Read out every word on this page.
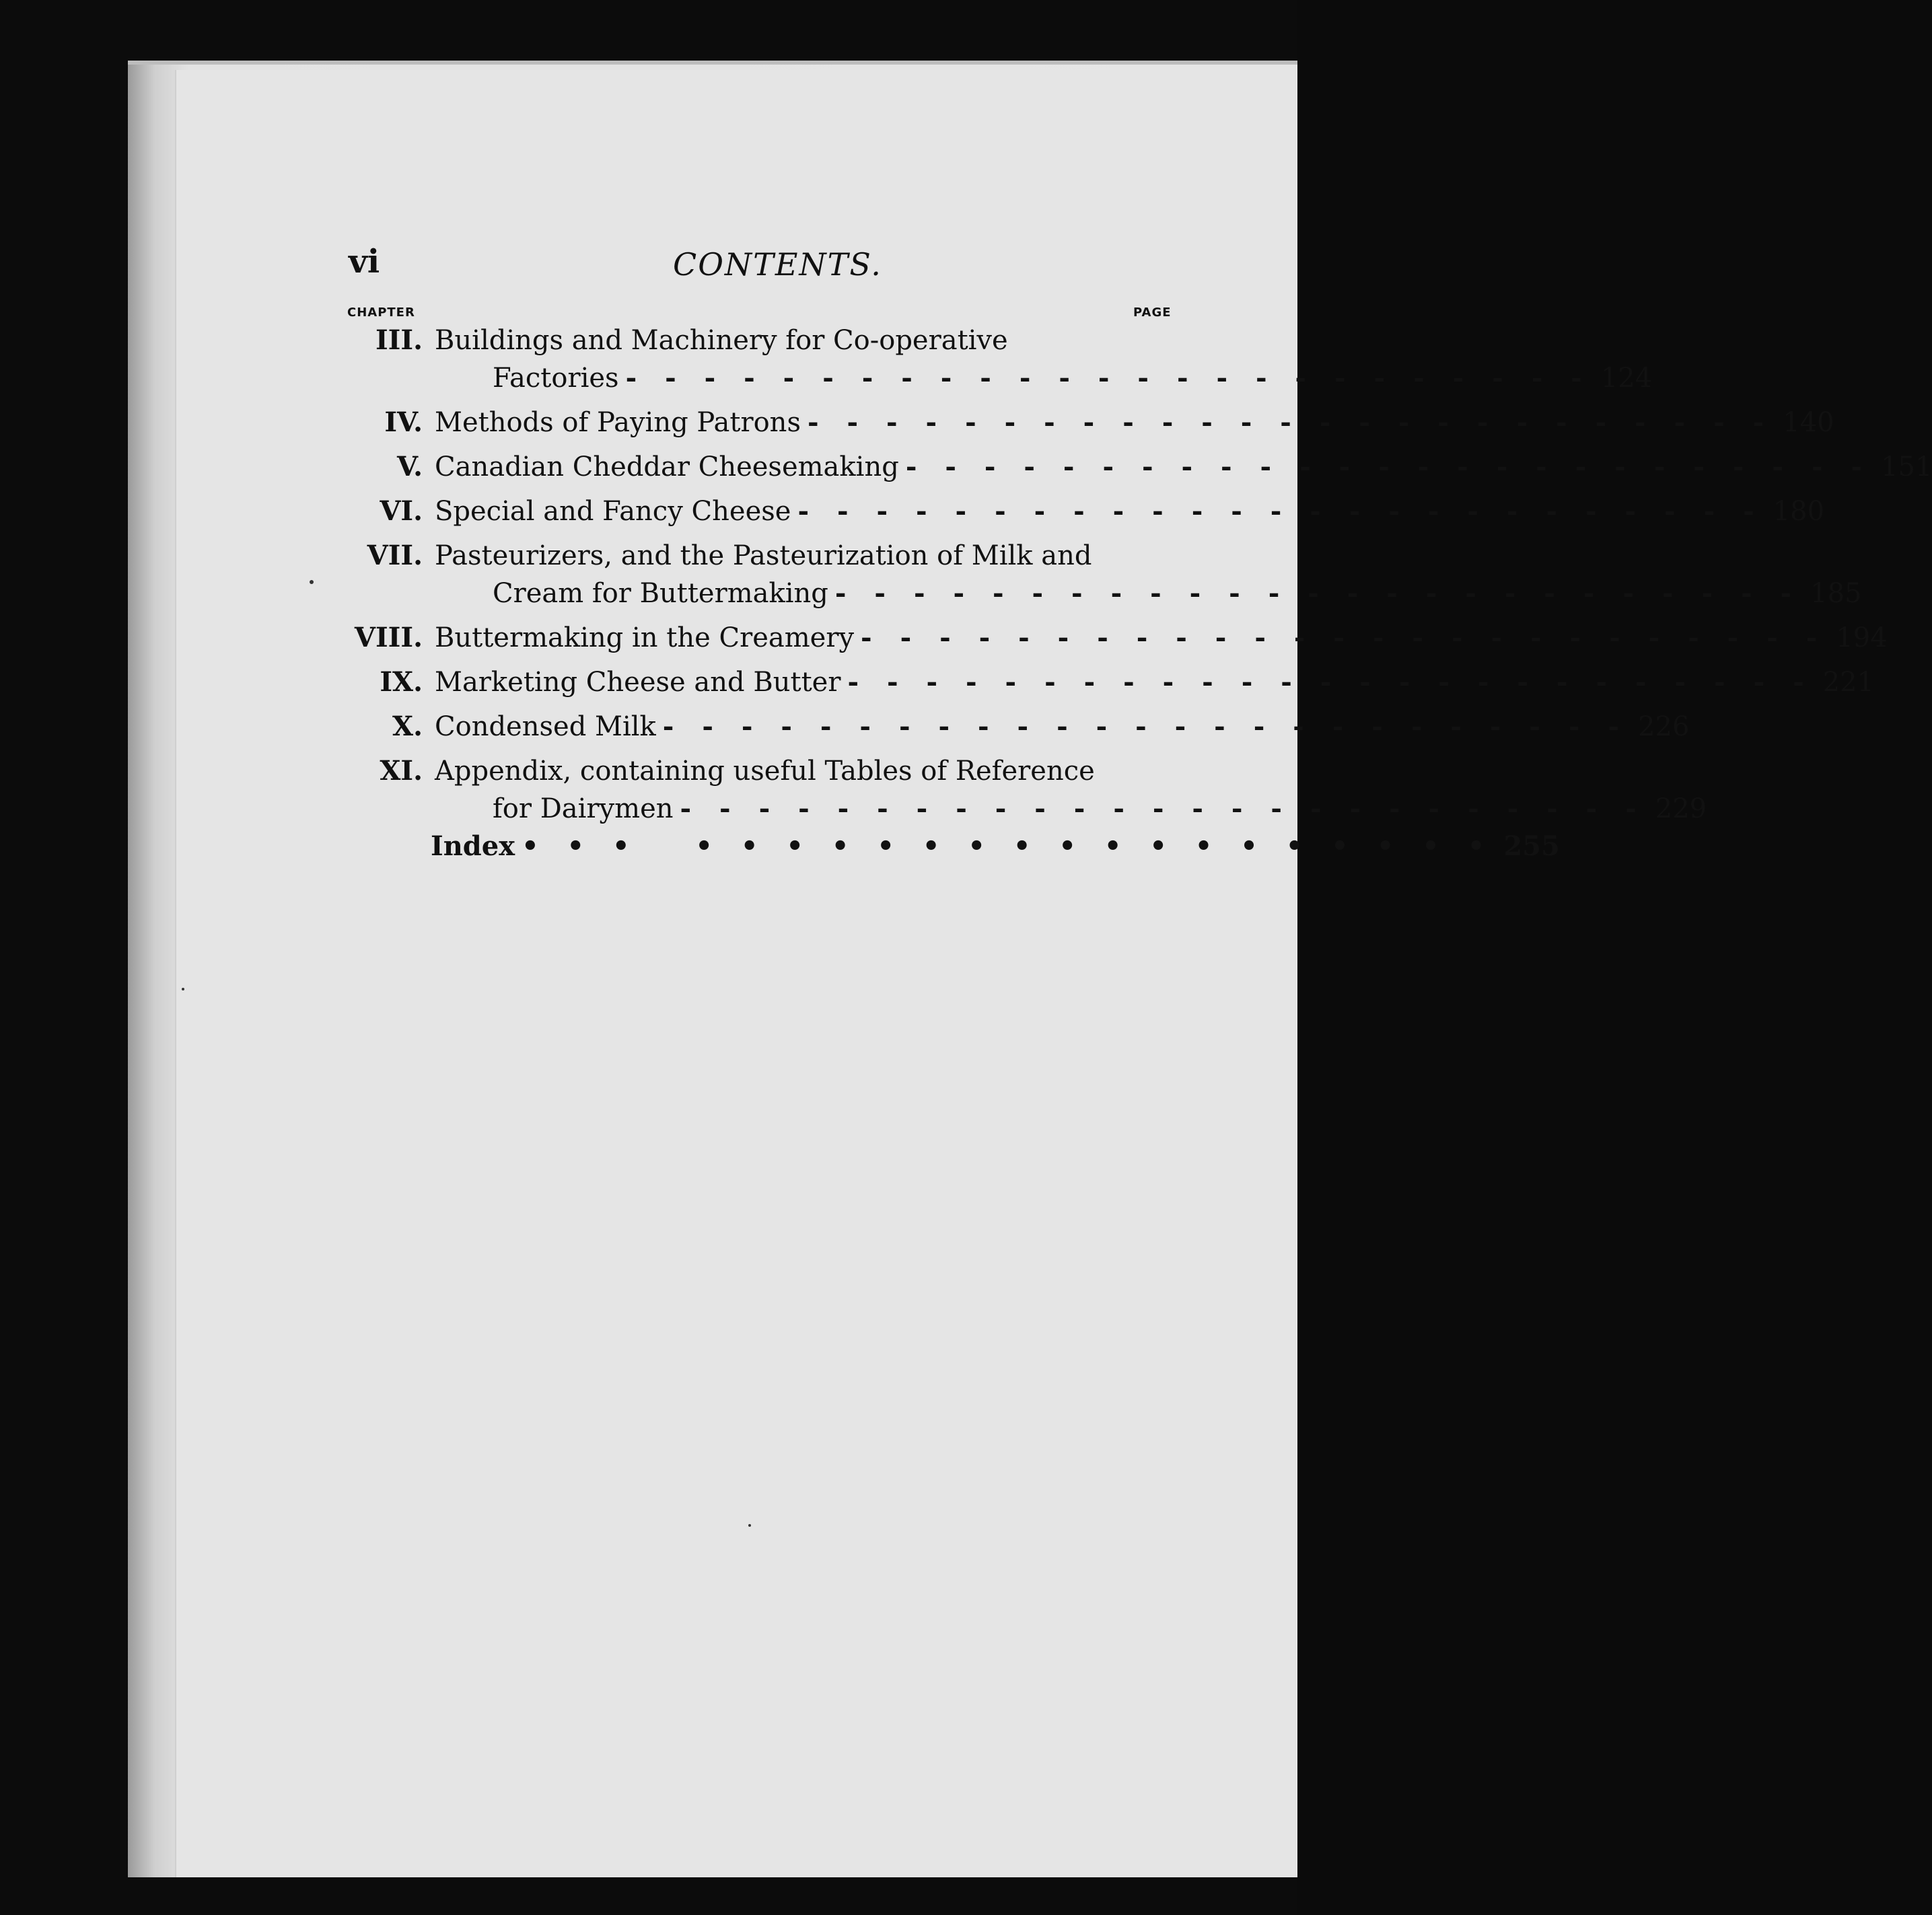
vi	CONTENTS.
CHAPTER	PAGE
III. Buildings and Machinery for Co-operative
Factories - - - - - - - - - - - - - - - - - - - - - - - - - 124
IV. Methods of Paying Patrons - - - - - - - - - - - - - - - - - - - - - - - - - 140
V. Canadian Cheddar Cheesemaking - - - - - - - - - - - - - - - - - - - - - - - - - 151
VI. Special and Fancy Cheese - - - - - - - - - - - - - - - - - - - - - - - - - 180
VII. Pasteurizers, and the Pasteurization of Milk and
Cream for Buttermaking - - - - - - - - - - - - - - - - - - - - - - - - - 185
VIII. Buttermaking in the Creamery - - - - - - - - - - - - - - - - - - - - - - - - - 194
IX. Marketing Cheese and Butter - - - - - - - - - - - - - - - - - - - - - - - - - 221
X. Condensed Milk - - - - - - - - - - - - - - - - - - - - - - - - - 226
XI. Appendix, containing useful Tables of Reference
for Dairymen - - - - - - - - - - - - - - - - - - - - - - - - - 229
Index • • •   • • • • • • • • • • • • • • • • • • 255
